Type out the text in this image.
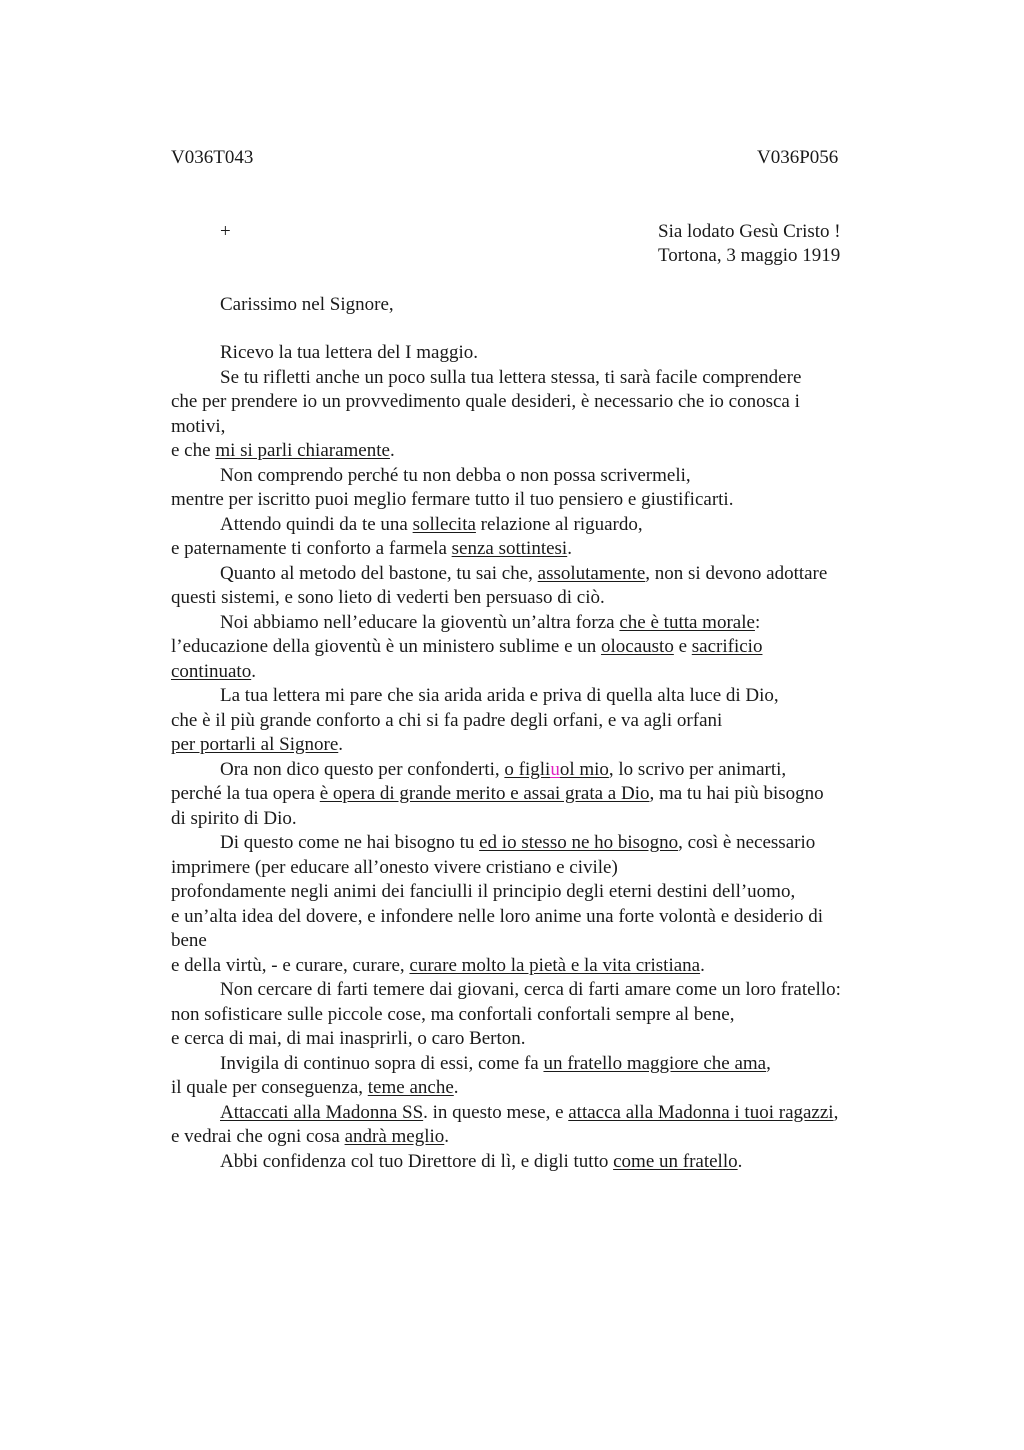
V036T043	V036P056
+	Sia lodato Gesù Cristo !
Tortona, 3 maggio 1919
Carissimo nel Signore,
Ricevo la tua lettera del I maggio.
Se tu rifletti anche un poco sulla tua lettera stessa, ti sarà facile comprendere
che per prendere io un provvedimento quale desideri, è necessario che io conosca i
motivi,
e che mi si parli chiaramente.
Non comprendo perché tu non debba o non possa scrivermeli,
mentre per iscritto puoi meglio fermare tutto il tuo pensiero e giustificarti.
Attendo quindi da te una sollecita relazione al riguardo,
e paternamente ti conforto a farmela senza sottintesi.
Quanto al metodo del bastone, tu sai che, assolutamente, non si devono adottare
questi sistemi, e sono lieto di vederti ben persuaso di ciò.
Noi abbiamo nell’educare la gioventù un’altra forza che è tutta morale:
l’educazione della gioventù è un ministero sublime e un olocausto e sacrificio
continuato.
La tua lettera mi pare che sia arida arida e priva di quella alta luce di Dio,
che è il più grande conforto a chi si fa padre degli orfani, e va agli orfani
per portarli al Signore.
Ora non dico questo per confonderti, o figliuol mio, lo scrivo per animarti,
perché la tua opera è opera di grande merito e assai grata a Dio, ma tu hai più bisogno
di spirito di Dio.
Di questo come ne hai bisogno tu ed io stesso ne ho bisogno, così è necessario
imprimere (per educare all’onesto vivere cristiano e civile)
profondamente negli animi dei fanciulli il principio degli eterni destini dell’uomo,
e un’alta idea del dovere, e infondere nelle loro anime una forte volontà e desiderio di
bene
e della virtù, - e curare, curare, curare molto la pietà e la vita cristiana.
Non cercare di farti temere dai giovani, cerca di farti amare come un loro fratello:
non sofisticare sulle piccole cose, ma confortali confortali sempre al bene,
e cerca di mai, di mai inasprirli, o caro Berton.
Invigila di continuo sopra di essi, come fa un fratello maggiore che ama,
il quale per conseguenza, teme anche.
Attaccati alla Madonna SS. in questo mese, e attacca alla Madonna i tuoi ragazzi,
e vedrai che ogni cosa andrà meglio.
Abbi confidenza col tuo Direttore di lì, e digli tutto come un fratello.
